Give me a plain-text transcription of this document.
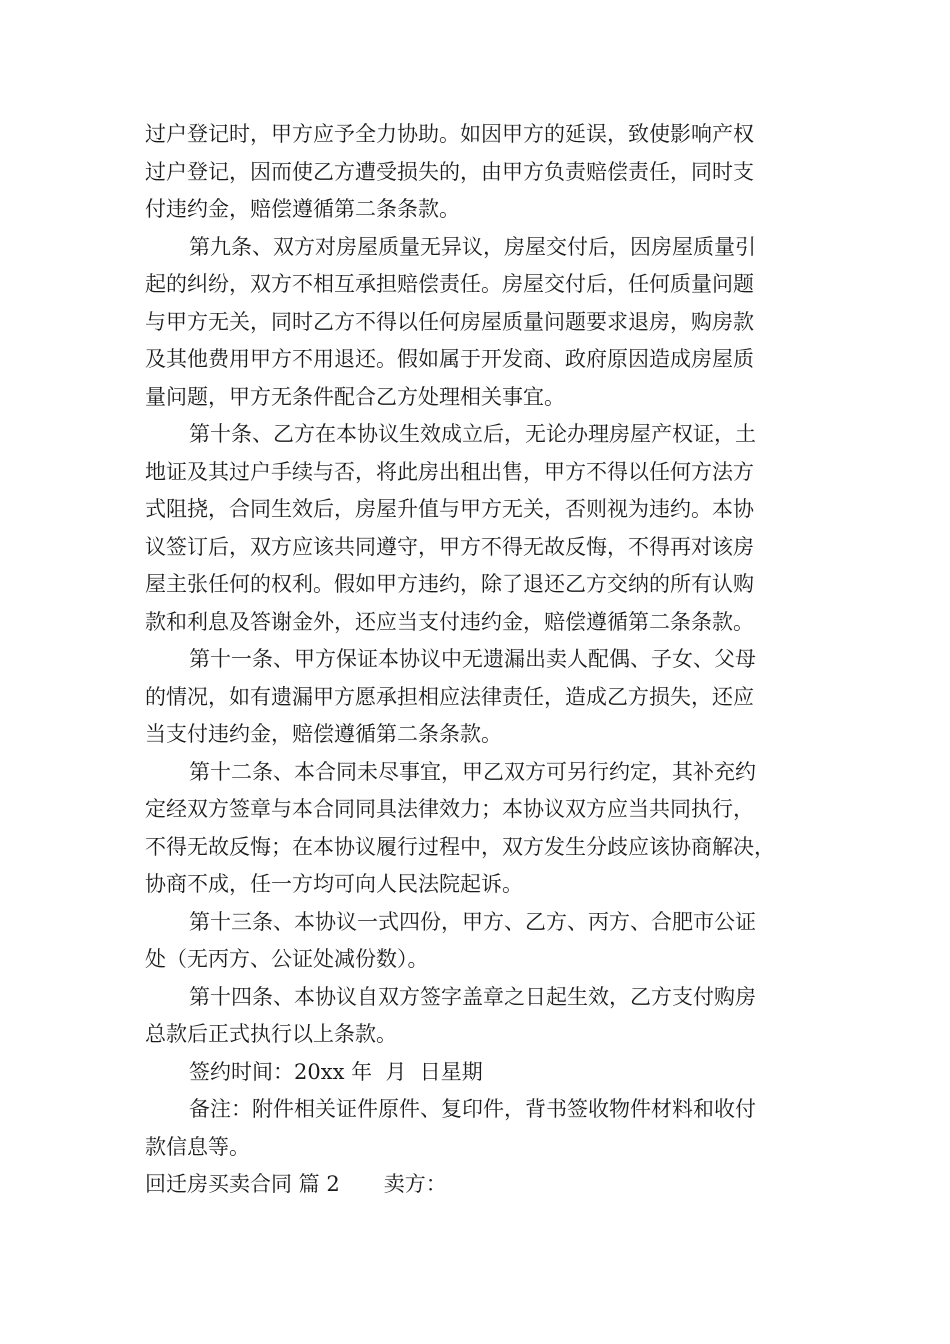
过户登记时，甲方应予全力协助。如因甲方的延误，致使影响产权
过户登记，因而使乙方遭受损失的，由甲方负责赔偿责任，同时支
付违约金，赔偿遵循第二条条款。
第九条、双方对房屋质量无异议，房屋交付后，因房屋质量引
起的纠纷，双方不相互承担赔偿责任。房屋交付后，任何质量问题
与甲方无关，同时乙方不得以任何房屋质量问题要求退房，购房款
及其他费用甲方不用退还。假如属于开发商、政府原因造成房屋质
量问题，甲方无条件配合乙方处理相关事宜。
第十条、乙方在本协议生效成立后，无论办理房屋产权证，土
地证及其过户手续与否，将此房出租出售，甲方不得以任何方法方
式阻挠，合同生效后，房屋升值与甲方无关，否则视为违约。本协
议签订后，双方应该共同遵守，甲方不得无故反悔，不得再对该房
屋主张任何的权利。假如甲方违约，除了退还乙方交纳的所有认购
款和利息及答谢金外，还应当支付违约金，赔偿遵循第二条条款。
第十一条、甲方保证本协议中无遗漏出卖人配偶、子女、父母
的情况，如有遗漏甲方愿承担相应法律责任，造成乙方损失，还应
当支付违约金，赔偿遵循第二条条款。
第十二条、本合同未尽事宜，甲乙双方可另行约定，其补充约
定经双方签章与本合同同具法律效力；本协议双方应当共同执行，
不得无故反悔；在本协议履行过程中，双方发生分歧应该协商解决，
协商不成，任一方均可向人民法院起诉。
第十三条、本协议一式四份，甲方、乙方、丙方、合肥市公证
处（无丙方、公证处减份数）。
第十四条、本协议自双方签字盖章之日起生效，乙方支付购房
总款后正式执行以上条款。
签约时间：20xx 年  月  日星期
备注：附件相关证件原件、复印件，背书签收物件材料和收付
款信息等。
回迁房买卖合同 篇 2 卖方：
